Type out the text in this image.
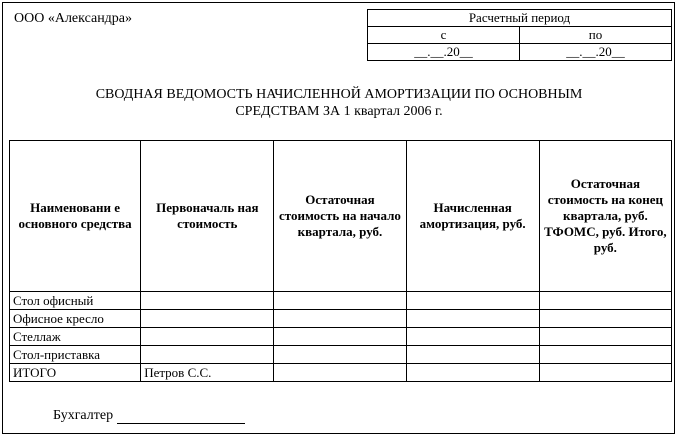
ООО «Александра»	Расчетный период	
с	по
__.__.20__	__.__.20__
СВОДНАЯ ВЕДОМОСТЬ НАЧИСЛЕННОЙ АМОРТИЗАЦИИ ПО ОСНОВНЫМ
СРЕДСТВАМ ЗА 1 квартал 2006 г.
Наименовани е основного средства	Первоначаль ная стоимость	Остаточная стоимость на начало квартала, руб.	Начисленная амортизация, руб.	Остаточная стоимость на конец квартала, руб. ТФОМС, руб. Итого, руб.
Стол офисный				
Офисное кресло				
Стеллаж				
Стол-приставка				
ИТОГО	Петров С.С.			
Бухгалтер
